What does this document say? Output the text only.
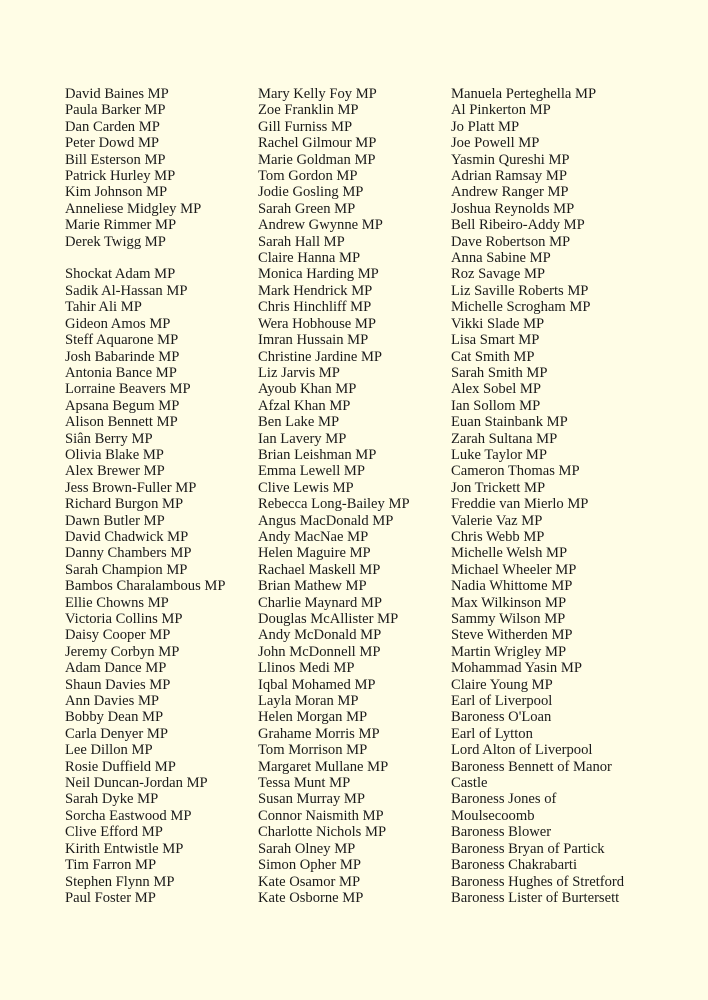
David Baines MP
Paula Barker MP
Dan Carden MP
Peter Dowd MP
Bill Esterson MP
Patrick Hurley MP
Kim Johnson MP
Anneliese Midgley MP
Marie Rimmer MP
Derek Twigg MP
Shockat Adam MP
Sadik Al-Hassan MP
Tahir Ali MP
Gideon Amos MP
Steff Aquarone MP
Josh Babarinde MP
Antonia Bance MP
Lorraine Beavers MP
Apsana Begum MP
Alison Bennett MP
Siân Berry MP
Olivia Blake MP
Alex Brewer MP
Jess Brown-Fuller MP
Richard Burgon MP
Dawn Butler MP
David Chadwick MP
Danny Chambers MP
Sarah Champion MP
Bambos Charalambous MP
Ellie Chowns MP
Victoria Collins MP
Daisy Cooper MP
Jeremy Corbyn MP
Adam Dance MP
Shaun Davies MP
Ann Davies MP
Bobby Dean MP
Carla Denyer MP
Lee Dillon MP
Rosie Duffield MP
Neil Duncan-Jordan MP
Sarah Dyke MP
Sorcha Eastwood MP
Clive Efford MP
Kirith Entwistle MP
Tim Farron MP
Stephen Flynn MP
Paul Foster MP
Mary Kelly Foy MP
Zoe Franklin MP
Gill Furniss MP
Rachel Gilmour MP
Marie Goldman MP
Tom Gordon MP
Jodie Gosling MP
Sarah Green MP
Andrew Gwynne MP
Sarah Hall MP
Claire Hanna MP
Monica Harding MP
Mark Hendrick MP
Chris Hinchliff MP
Wera Hobhouse MP
Imran Hussain MP
Christine Jardine MP
Liz Jarvis MP
Ayoub Khan MP
Afzal Khan MP
Ben Lake MP
Ian Lavery MP
Brian Leishman MP
Emma Lewell MP
Clive Lewis MP
Rebecca Long-Bailey MP
Angus MacDonald MP
Andy MacNae MP
Helen Maguire MP
Rachael Maskell MP
Brian Mathew MP
Charlie Maynard MP
Douglas McAllister MP
Andy McDonald MP
John McDonnell MP
Llinos Medi MP
Iqbal Mohamed MP
Layla Moran MP
Helen Morgan MP
Grahame Morris MP
Tom Morrison MP
Margaret Mullane MP
Tessa Munt MP
Susan Murray MP
Connor Naismith MP
Charlotte Nichols MP
Sarah Olney MP
Simon Opher MP
Kate Osamor MP
Kate Osborne MP
Manuela Perteghella MP
Al Pinkerton MP
Jo Platt MP
Joe Powell MP
Yasmin Qureshi MP
Adrian Ramsay MP
Andrew Ranger MP
Joshua Reynolds MP
Bell Ribeiro-Addy MP
Dave Robertson MP
Anna Sabine MP
Roz Savage MP
Liz Saville Roberts MP
Michelle Scrogham MP
Vikki Slade MP
Lisa Smart MP
Cat Smith MP
Sarah Smith MP
Alex Sobel MP
Ian Sollom MP
Euan Stainbank MP
Zarah Sultana MP
Luke Taylor MP
Cameron Thomas MP
Jon Trickett MP
Freddie van Mierlo MP
Valerie Vaz MP
Chris Webb MP
Michelle Welsh MP
Michael Wheeler MP
Nadia Whittome MP
Max Wilkinson MP
Sammy Wilson MP
Steve Witherden MP
Martin Wrigley MP
Mohammad Yasin MP
Claire Young MP
Earl of Liverpool
Baroness O'Loan
Earl of Lytton
Lord Alton of Liverpool
Baroness Bennett of Manor
Castle
Baroness Jones of
Moulsecoomb
Baroness Blower
Baroness Bryan of Partick
Baroness Chakrabarti
Baroness Hughes of Stretford
Baroness Lister of Burtersett
